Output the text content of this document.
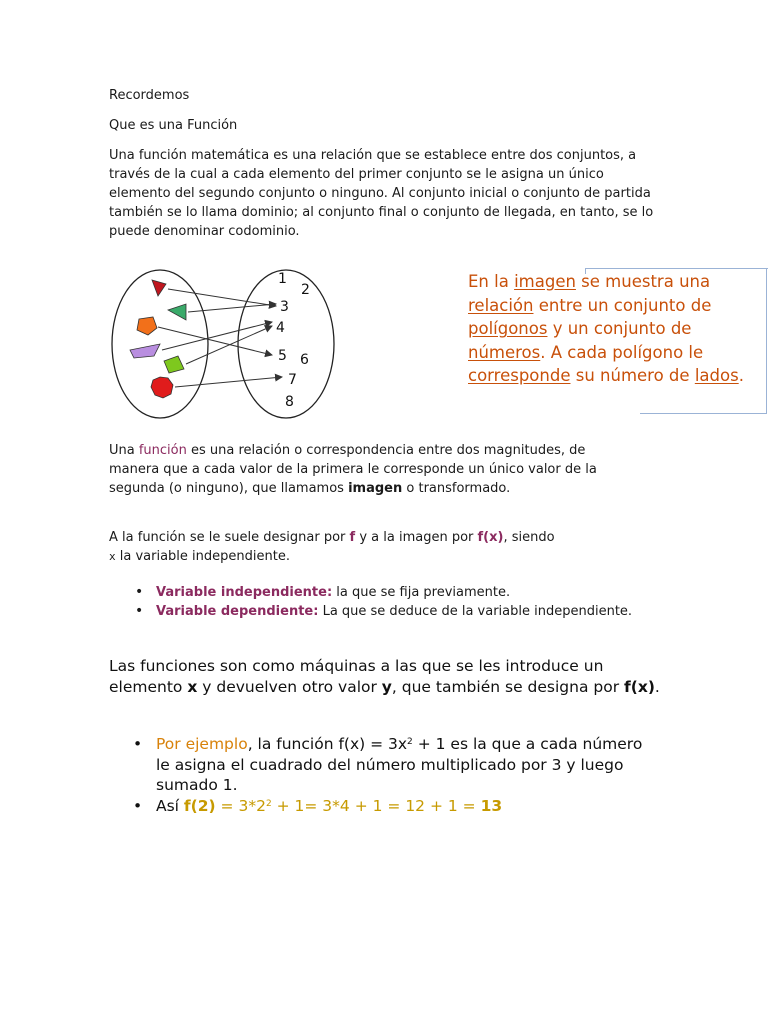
Recordemos
Que es una Función
Una función matemática es una relación que se establece entre dos conjuntos, a través de la cual a cada elemento del primer conjunto se le asigna un único elemento del segundo conjunto o ninguno. Al conjunto inicial o conjunto de partida también se lo llama dominio; al conjunto final o conjunto de llegada, en tanto, se lo puede denominar codominio.
1
2
3
4
5 6
7
8
En la imagen se muestra una relación entre un conjunto de polígonos y un conjunto de números. A cada polígono le corresponde su número de lados.
Una función es una relación o correspondencia entre dos magnitudes, de manera que a cada valor de la primera le corresponde un único valor de la segunda (o ninguno), que llamamos imagen o transformado.
A la función se le suele designar por f y a la imagen por f(x), siendo
x la variable independiente.
• Variable independiente: la que se fija previamente.
• Variable dependiente: La que se deduce de la variable independiente.
Las funciones son como máquinas a las que se les introduce un elemento x y devuelven otro valor y, que también se designa por f(x).
• Por ejemplo, la función $f(x) = 3x^2 + 1$ es la que a cada número le asigna el cuadrado del número multiplicado por 3 y luego sumado 1.
• Así $f(2) = 3*2^2 + 1= 3*4 + 1 = 12 + 1 = 13$
